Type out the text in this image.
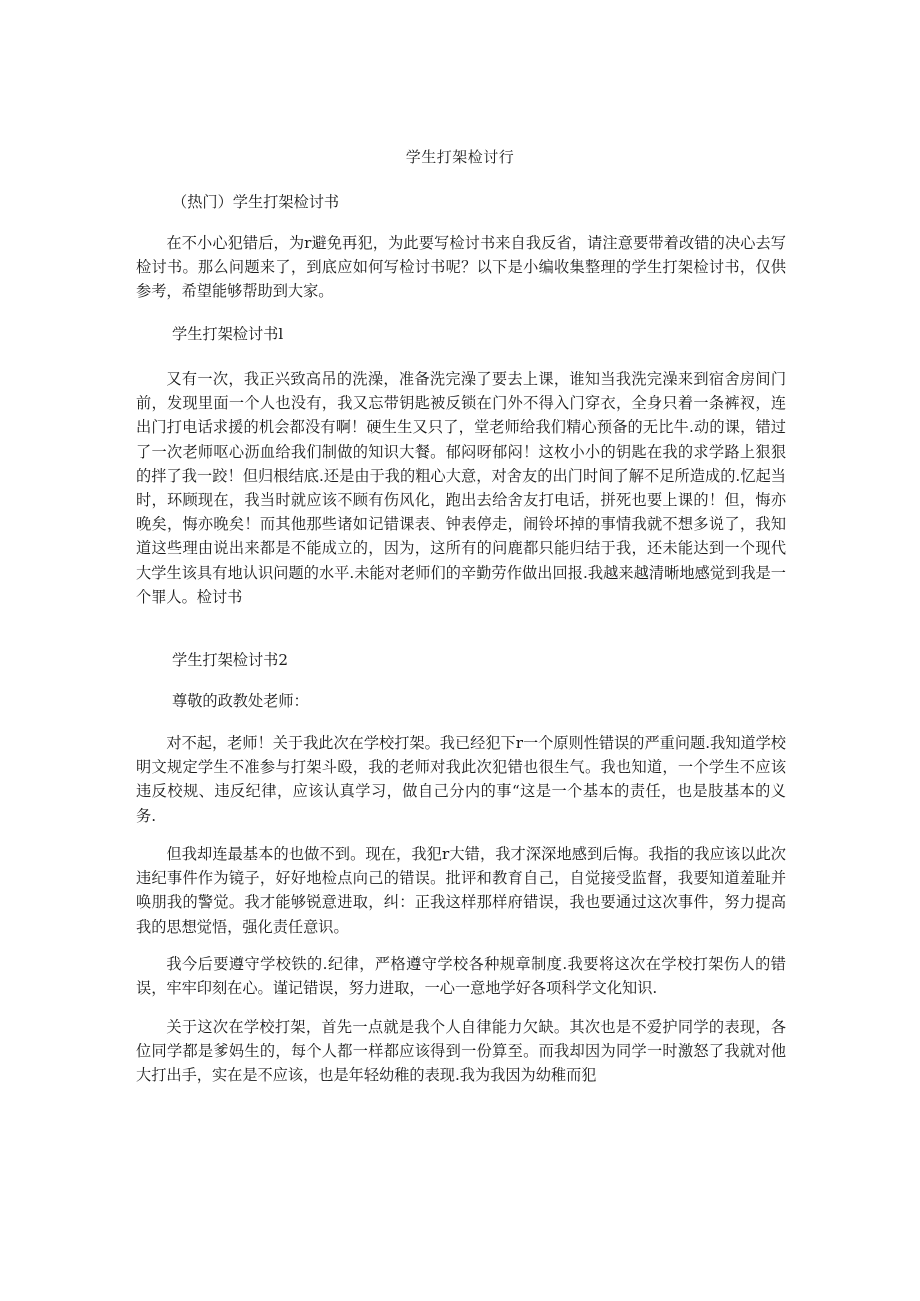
学生打架检讨行

（热门）学生打架检讨书

在不小心犯错后，为r避免再犯，为此要写检讨书来自我反省，请注意要带着改错的决心去写检讨书。那么问题来了，到底应如何写检讨书呢？以下是小编收集整理的学生打架检讨书，仅供参考，希望能够帮助到大家。

学生打架检讨书l

又有一次，我正兴致高吊的洗澡，准备洗完澡了要去上课，谁知当我洗完澡来到宿舍房间门前，发现里面一个人也没有，我又忘带钥匙被反锁在门外不得入门穿衣，全身只着一条裤衩，连出门打电话求援的机会都没有啊！硬生生又只了，堂老师给我们精心预备的无比牛.动的课，错过了一次老师呕心沥血给我们制做的知识大餐。郁闷呀郁闷！这枚小小的钥匙在我的求学路上狠狠的拌了我一跤！但归根结底.还是由于我的粗心大意，对舍友的出门时间了解不足所造成的.忆起当时，环顾现在，我当时就应该不顾有伤风化，跑出去给舍友打电话，拼死也要上课的！但，悔亦晚矣，悔亦晚矣！而其他那些诸如记错课表、钟表停走，闹铃坏掉的事情我就不想多说了，我知道这些理由说出来都是不能成立的，因为，这所有的问鹿都只能归结于我，还未能达到一个现代大学生该具有地认识问题的水平.未能对老师们的辛勤劳作做出回报.我越来越清晰地感觉到我是一个罪人。检讨书

学生打架检讨书2

尊敬的政教处老师：

对不起，老师！关于我此次在学校打架。我已经犯下r一个原则性错误的严重问题.我知道学校明文规定学生不准参与打架斗殴，我的老师对我此次犯错也很生气。我也知道，一个学生不应该违反校规、违反纪律，应该认真学习，做自己分内的事“这是一个基本的责任，也是肢基本的义务.

但我却连最基本的也做不到。现在，我犯r大错，我才深深地感到后悔。我指的我应该以此次违纪事件作为镜子，好好地检点向己的错误。批评和教育自己，自觉接受监督，我要知道羞耻并唤朋我的警觉。我才能够锐意进取，纠：正我这样那样府错误，我也要通过这次事件，努力提高我的思想觉悟，强化责任意识。

我今后要遵守学校铁的.纪律，严格遵守学校各种规章制度.我要将这次在学校打架伤人的错误，牢牢印刻在心。谨记错误，努力进取，一心一意地学好各项科学文化知识.

关于这次在学校打架，首先一点就是我个人自律能力欠缺。其次也是不爱护同学的表现，各位同学都是爹妈生的，每个人都一样都应该得到一份算至。而我却因为同学一时激怒了我就对他大打出手，实在是不应该，也是年轻幼稚的表现.我为我因为幼稚而犯
